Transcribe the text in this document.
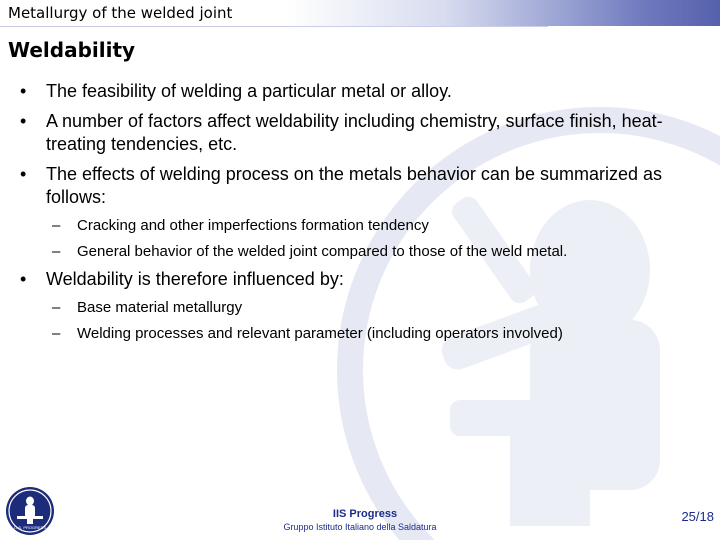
Metallurgy of the welded joint
Weldability
• The feasibility of welding a particular metal or alloy.
• A number of factors affect weldability including chemistry, surface finish, heat-treating tendencies, etc.
• The effects of welding process on the metals behavior can be summarized as follows:
– Cracking and other imperfections formation tendency
– General behavior of the welded joint compared to those of the weld metal.
• Weldability is therefore influenced by:
– Base material metallurgy
– Welding processes and relevant parameter (including operators involved)
I.I.S. PROGRESS
IIS Progress
Gruppo Istituto Italiano della Saldatura
25/18
